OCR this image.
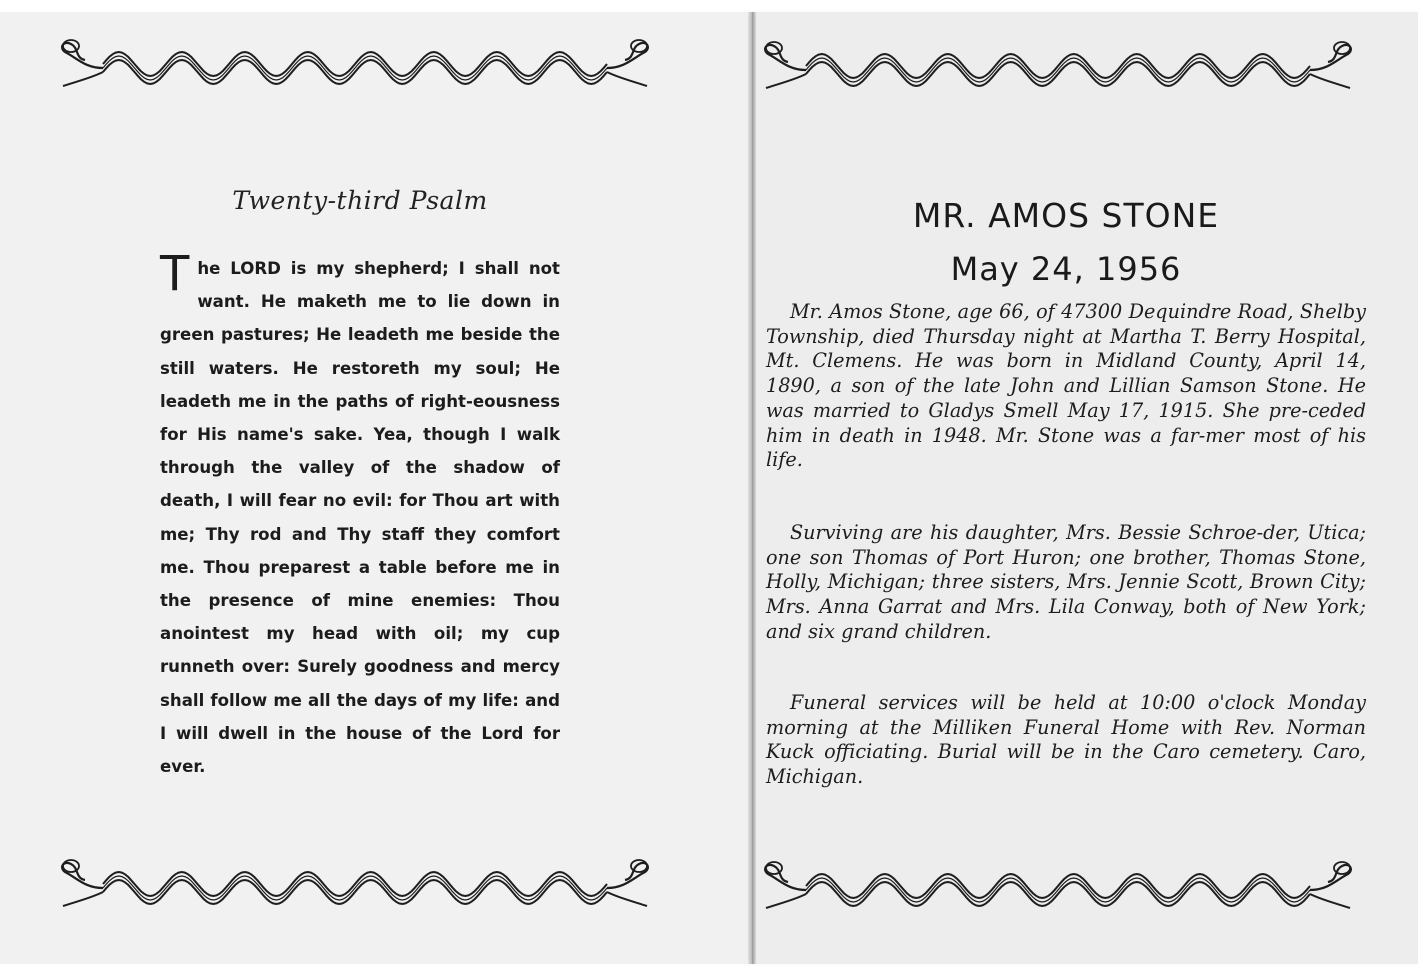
Twenty-third Psalm

The LORD is my shepherd; I shall not want. He maketh me to lie down in green pastures; He leadeth me beside the still waters. He restoreth my soul; He leadeth me in the paths of right-eousness for His name's sake. Yea, though I walk through the valley of the shadow of death, I will fear no evil: for Thou art with me; Thy rod and Thy staff they comfort me. Thou preparest a table before me in the presence of mine enemies: Thou anointest my head with oil; my cup runneth over: Surely goodness and mercy shall follow me all the days of my life: and I will dwell in the house of the Lord for ever.

MR. AMOS STONE
May 24, 1956

Mr. Amos Stone, age 66, of 47300 Dequindre Road, Shelby Township, died Thursday night at Martha T. Berry Hospital, Mt. Clemens. He was born in Midland County, April 14, 1890, a son of the late John and Lillian Samson Stone. He was married to Gladys Smell May 17, 1915. She pre-ceded him in death in 1948. Mr. Stone was a far-mer most of his life.

Surviving are his daughter, Mrs. Bessie Schroe-der, Utica; one son Thomas of Port Huron; one brother, Thomas Stone, Holly, Michigan; three sisters, Mrs. Jennie Scott, Brown City; Mrs. Anna Garrat and Mrs. Lila Conway, both of New York; and six grand children.

Funeral services will be held at 10:00 o'clock Monday morning at the Milliken Funeral Home with Rev. Norman Kuck officiating. Burial will be in the Caro cemetery. Caro, Michigan.
